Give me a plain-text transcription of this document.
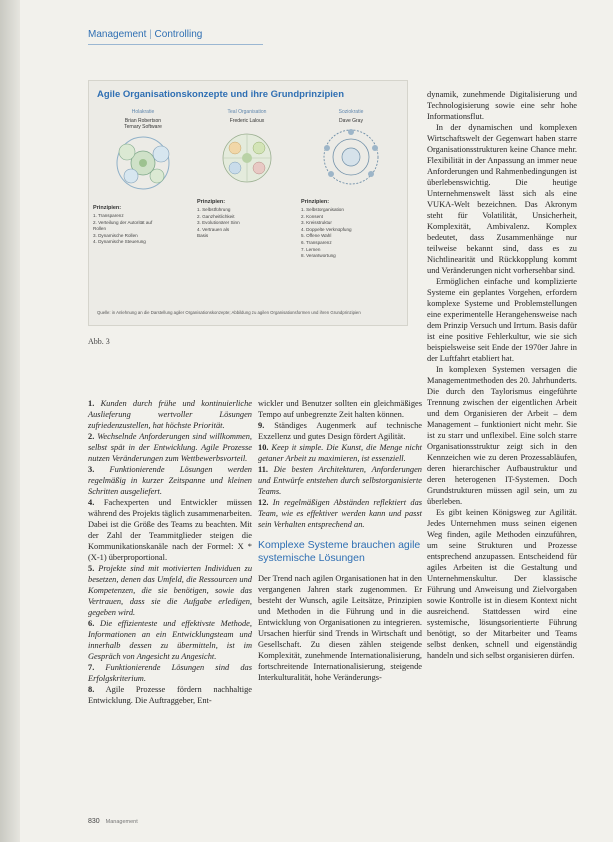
Management | Controlling
Agile Organisationskonzepte und ihre Grundprinzipien
Holakratie
Brian Robertson
Ternary Software
Prinzipien:
1. Transparenz
2. Verteilung der Autorität auf
Rollen
3. Dynamische Rollen
4. Dynamische Steuerung
Teal Organisation
Frederic Laloux
Prinzipien:
1. Selbstführung
2. Ganzheitlichkeit
3. Evolutionärer Sinn
4. Vertrauen als
Basis
Soziokratie
Dave Gray
Prinzipien:
1. Selbstorganisation
2. Konsent
3. Kreisstruktur
4. Doppelte Verknüpfung
5. Offene Wahl
6. Transparenz
7. Lernen
8. Verantwortung
Quelle: in Anlehnung an die Darstellung agiler Organisationskonzepte; Abbildung zu agilen Organisationsformen und ihren Grundprinzipien
Abb. 3

1. Kunden durch frühe und kontinuierliche Auslieferung wertvoller Lösungen zufriedenzustellen, hat höchste Priorität.

2. Wechselnde Anforderungen sind willkommen, selbst spät in der Entwicklung. Agile Prozesse nutzen Veränderungen zum Wettbewerbsvorteil.

3. Funktionierende Lösungen werden regelmäßig in kurzer Zeitspanne und kleinen Schritten ausgeliefert.

4. Fachexperten und Entwickler müssen während des Projekts täglich zusammenarbeiten. Dabei ist die Größe des Teams zu beachten. Mit der Zahl der Teammitglieder steigen die Kommunikationskanäle nach der Formel: X * (X-1) überproportional.

5. Projekte sind mit motivierten Individuen zu besetzen, denen das Umfeld, die Ressourcen und Kompetenzen, die sie benötigen, sowie das Vertrauen, dass sie die Aufgabe erledigen, gegeben wird.

6. Die effizienteste und effektivste Methode, Informationen an ein Entwicklungsteam und innerhalb dessen zu übermitteln, ist im Gespräch von Angesicht zu Angesicht.

7. Funktionierende Lösungen sind das Erfolgskriterium.

8. Agile Prozesse fördern nachhaltige Entwicklung. Die Auftraggeber, Ent-

wickler und Benutzer sollten ein gleichmäßiges Tempo auf unbegrenzte Zeit halten können.

9. Ständiges Augenmerk auf technische Exzellenz und gutes Design fördert Agilität.

10. Keep it simple. Die Kunst, die Menge nicht getaner Arbeit zu maximieren, ist essenziell.

11. Die besten Architekturen, Anforderungen und Entwürfe entstehen durch selbstorganisierte Teams.

12. In regelmäßigen Abständen reflektiert das Team, wie es effektiver werden kann und passt sein Verhalten entsprechend an.

Komplexe Systeme brauchen agile systemische Lösungen

Der Trend nach agilen Organisationen hat in den vergangenen Jahren stark zugenommen. Er besteht der Wunsch, agile Leitsätze, Prinzipien und Methoden in die Führung und in die Entwicklung von Organisationen zu integrieren. Ursachen hierfür sind Trends in Wirtschaft und Gesellschaft. Zu diesen zählen steigende Komplexität, zunehmende Internationalisierung, fortschreitende Internationalisierung, steigende Interkulturalität, hohe Veränderungs-

dynamik, zunehmende Digitalisierung und Technologisierung sowie eine sehr hohe Informationsflut.

In der dynamischen und komplexen Wirtschaftswelt der Gegenwart haben starre Organisationsstrukturen keine Chance mehr. Flexibilität in der Anpassung an immer neue Anforderungen und Rahmenbedingungen ist überlebenswichtig. Die heutige Unternehmenswelt lässt sich als eine VUKA-Welt bezeichnen. Das Akronym steht für Volatilität, Unsicherheit, Komplexität, Ambivalenz. Komplex bedeutet, dass Zusammenhänge nur teilweise bekannt sind, dass es zu Nichtlinearität und Rückkopplung kommt und Veränderungen nicht vorhersehbar sind.

Ermöglichen einfache und komplizierte Systeme ein geplantes Vorgehen, erfordern komplexe Systeme und Problemstellungen eine experimentelle Herangehensweise nach dem Prinzip Versuch und Irrtum. Basis dafür ist eine positive Fehlerkultur, wie sie sich beispielsweise seit Ende der 1970er Jahre in der Luftfahrt etabliert hat.

In komplexen Systemen versagen die Managementmethoden des 20. Jahrhunderts. Die durch den Taylorismus eingeführte Trennung zwischen der eigentlichen Arbeit und dem Organisieren der Arbeit – dem Management – funktioniert nicht mehr. Sie ist zu starr und unflexibel. Eine solch starre Organisationsstruktur zeigt sich in den Kennzeichen wie zu deren Prozessabläufen, deren hierarchischer Aufbaustruktur und deren heterogenen IT-Systemen. Doch Grundstrukturen müssen agil sein, um zu überleben.

Es gibt keinen Königsweg zur Agilität. Jedes Unternehmen muss seinen eigenen Weg finden, agile Methoden einzuführen, um seine Strukturen und Prozesse entsprechend anzupassen. Entscheidend für agiles Arbeiten ist die Gestaltung und Unternehmenskultur. Der klassische Führung und Anweisung und Zielvorgaben sowie Kontrolle ist in diesem Kontext nicht ausreichend. Stattdessen wird eine systemische, lösungsorientierte Führung benötigt, so der Mitarbeiter und Teams selbst denken, schnell und eigenständig handeln und sich selbst organisieren dürfen.

830 Management
